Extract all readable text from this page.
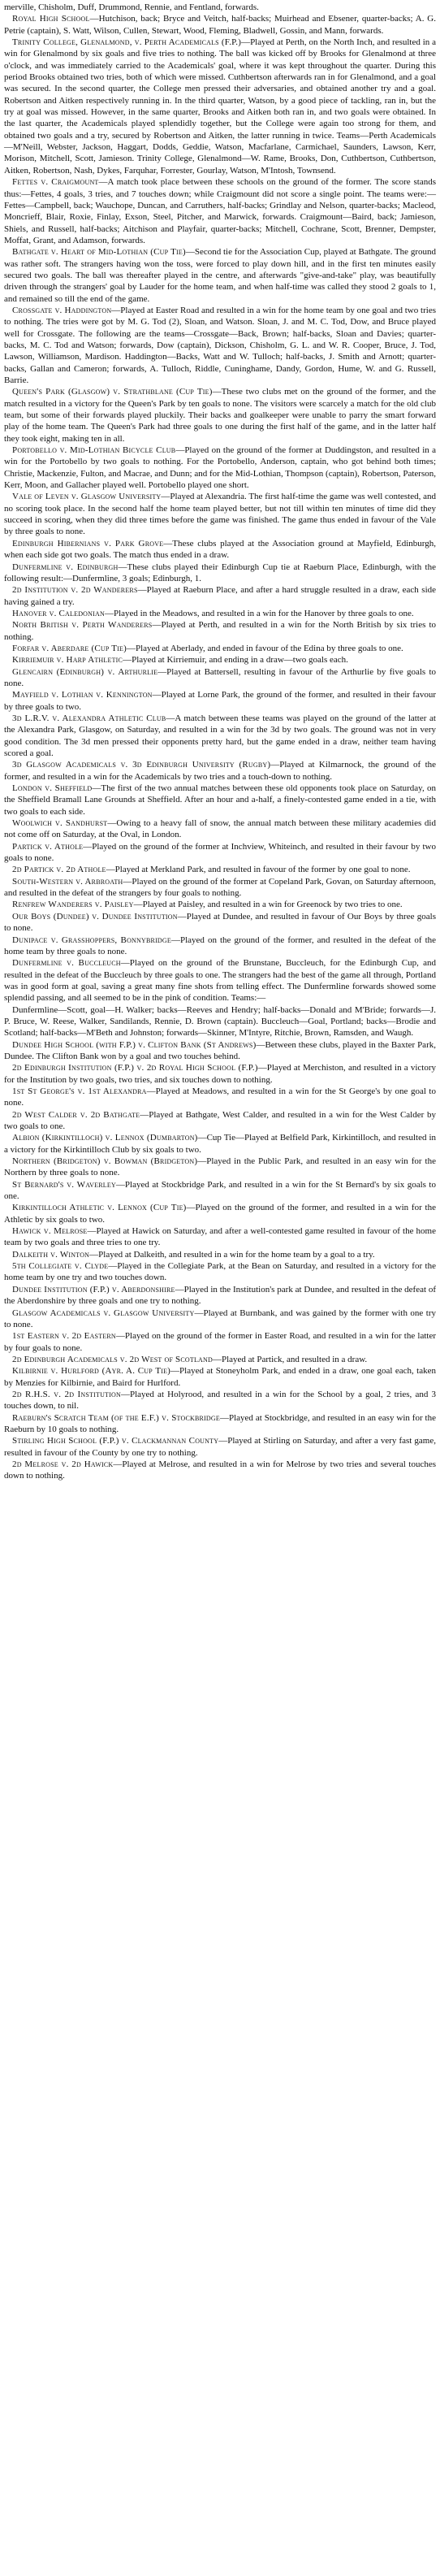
merville, Chisholm, Duff, Drummond, Rennie, and Fentland, forwards.

Royal High School—Hutchison, back; Bryce and Veitch, half-backs; Muirhead and Ebsener, quarter-backs; A. G. Petrie (captain), S. Watt, Wilson, Cullen, Stewart, Wood, Fleming, Bladwell, Gossin, and Mann, forwards.

Trinity College, Glenalmond, v. Perth Academicals (F.P.)—Played at Perth, on the North Inch, and resulted in a win for Glenalmond by six goals and five tries to nothing. The ball was kicked off by Brooks for Glenalmond at three o'clock, and was immediately carried to the Academicals' goal, where it was kept throughout the quarter. During this period Brooks obtained two tries, both of which were missed. Cuthbertson afterwards ran in for Glenalmond, and a goal was secured. In the second quarter, the College men pressed their adversaries, and obtained another try and a goal. Robertson and Aitken respectively running in. In the third quarter, Watson, by a good piece of tackling, ran in, but the try at goal was missed. However, in the same quarter, Brooks and Aitken both ran in, and two goals were obtained. In the last quarter, the Academicals played splendidly together, but the College were again too strong for them, and obtained two goals and a try, secured by Robertson and Aitken, the latter running in twice. Teams—Perth Academicals—M'Neill, Webster, Jackson, Haggart, Dodds, Geddie, Watson, Macfarlane, Carmichael, Saunders, Lawson, Kerr, Morison, Mitchell, Scott, Jamieson. Trinity College, Glenalmond—W. Rame, Brooks, Don, Cuthbertson, Cuthbertson, Aitken, Robertson, Nash, Dykes, Farquhar, Forrester, Gourlay, Watson, M'Intosh, Townsend.

Fettes v. Craigmount—A match took place between these schools on the ground of the former. The score stands thus:—Fettes, 4 goals, 3 tries, and 7 touches down; while Craigmount did not score a single point. The teams were:—Fettes—Campbell, back; Wauchope, Duncan, and Carruthers, half-backs; Grindlay and Nelson, quarter-backs; Macleod, Moncrieff, Blair, Roxie, Finlay, Exson, Steel, Pitcher, and Marwick, forwards. Craigmount—Baird, back; Jamieson, Shiels, and Russell, half-backs; Aitchison and Playfair, quarter-backs; Mitchell, Cochrane, Scott, Brenner, Dempster, Moffat, Grant, and Adamson, forwards.

Bathgate v. Heart of Mid-Lothian (Cup Tie)—Second tie for the Association Cup, played at Bathgate. The ground was rather soft. The strangers having won the toss, were forced to play down hill, and in the first ten minutes easily secured two goals. The ball was thereafter played in the centre, and afterwards "give-and-take" play, was beautifully driven through the strangers' goal by Lauder for the home team, and when half-time was called they stood 2 goals to 1, and remained so till the end of the game.

Crossgate v. Haddington—Played at Easter Road and resulted in a win for the home team by one goal and two tries to nothing. The tries were got by M. G. Tod (2), Sloan, and Watson. Sloan, J. and M. C. Tod, Dow, and Bruce played well for Crossgate. The following are the teams—Crossgate—Back, Brown; half-backs, Sloan and Davies; quarter-backs, M. C. Tod and Watson; forwards, Dow (captain), Dickson, Chisholm, G. L. and W. R. Cooper, Bruce, J. Tod, Lawson, Williamson, Mardison. Haddington—Backs, Watt and W. Tulloch; half-backs, J. Smith and Arnott; quarter-backs, Gallan and Cameron; forwards, A. Tulloch, Riddle, Cuninghame, Dandy, Gordon, Hume, W. and G. Russell, Barrie.

Queen's Park (Glasgow) v. Strathblane (Cup Tie)—These two clubs met on the ground of the former, and the match resulted in a victory for the Queen's Park by ten goals to none. The visitors were scarcely a match for the old club team, but some of their forwards played pluckily. Their backs and goalkeeper were unable to parry the smart forward play of the home team. The Queen's Park had three goals to one during the first half of the game, and in the latter half they took eight, making ten in all.

Portobello v. Mid-Lothian Bicycle Club—Played on the ground of the former at Duddingston, and resulted in a win for the Portobello by two goals to nothing. For the Portobello, Anderson, captain, who got behind both times; Christie, Mackenzie, Fulton, and Macrae, and Dunn; and for the Mid-Lothian, Thompson (captain), Robertson, Paterson, Kerr, Moon, and Gallacher played well. Portobello played one short.

Vale of Leven v. Glasgow University—Played at Alexandria. The first half-time the game was well contested, and no scoring took place. In the second half the home team played better, but not till within ten minutes of time did they succeed in scoring, when they did three times before the game was finished. The game thus ended in favour of the Vale by three goals to none.

Edinburgh Hibernians v. Park Grove—These clubs played at the Association ground at Mayfield, Edinburgh, when each side got two goals. The match thus ended in a draw.

Dunfermline v. Edinburgh—These clubs played their Edinburgh Cup tie at Raeburn Place, Edinburgh, with the following result:—Dunfermline, 3 goals; Edinburgh, 1.

2d Institution v. 2d Wanderers—Played at Raeburn Place, and after a hard struggle resulted in a draw, each side having gained a try.

Hanover v. Caledonian—Played in the Meadows, and resulted in a win for the Hanover by three goals to one.

North British v. Perth Wanderers—Played at Perth, and resulted in a win for the North British by six tries to nothing.

Forfar v. Aberdare (Cup Tie)—Played at Aberlady, and ended in favour of the Edina by three goals to one.

Kirriemuir v. Harp Athletic—Played at Kirriemuir, and ending in a draw—two goals each.

Glencairn (Edinburgh) v. Arthurlie—Played at Battersell, resulting in favour of the Arthurlie by five goals to none.

Mayfield v. Lothian v. Kennington—Played at Lorne Park, the ground of the former, and resulted in their favour by three goals to two.

3d L.R.V. v. Alexandra Athletic Club—A match between these teams was played on the ground of the latter at the Alexandra Park, Glasgow, on Saturday, and resulted in a win for the 3d by two goals. The ground was not in very good condition. The 3d men pressed their opponents pretty hard, but the game ended in a draw, neither team having scored a goal.

3d Glasgow Academicals v. 3d Edinburgh University (Rugby)—Played at Kilmarnock, the ground of the former, and resulted in a win for the Academicals by two tries and a touch-down to nothing.

London v. Sheffield—The first of the two annual matches between these old opponents took place on Saturday, on the Sheffield Bramall Lane Grounds at Sheffield. After an hour and a-half, a finely-contested game ended in a tie, with two goals to each side.

Woolwich v. Sandhurst—Owing to a heavy fall of snow, the annual match between these military academies did not come off on Saturday, at the Oval, in London.

Partick v. Athole—Played on the ground of the former at Inchview, Whiteinch, and resulted in their favour by two goals to none.

2d Partick v. 2d Athole—Played at Merkland Park, and resulted in favour of the former by one goal to none.

South-Western v. Arbroath—Played on the ground of the former at Copeland Park, Govan, on Saturday afternoon, and resulted in the defeat of the strangers by four goals to nothing.

Renfrew Wanderers v. Paisley—Played at Paisley, and resulted in a win for Greenock by two tries to one.

Our Boys (Dundee) v. Dundee Institution—Played at Dundee, and resulted in favour of Our Boys by three goals to none.

Dunipace v. Grasshoppers, Bonnybridge—Played on the ground of the former, and resulted in the defeat of the home team by three goals to none.

Dunfermline v. Buccleuch—Played on the ground of the Brunstane, Buccleuch, for the Edinburgh Cup, and resulted in the defeat of the Buccleuch by three goals to one. The strangers had the best of the game all through, Portland was in good form at goal, saving a great many fine shots from telling effect. The Dunfermline forwards showed some splendid passing, and all seemed to be in the pink of condition. Teams:—

Dunfermline—Scott, goal—H. Walker; backs—Reeves and Hendry; half-backs—Donald and M'Bride; forwards—J. P. Bruce, W. Reese, Walker, Sandilands, Rennie, D. Brown (captain). Buccleuch—Goal, Portland; backs—Brodie and Scotland; half-backs—M'Beth and Johnston; forwards—Skinner, M'Intyre, Ritchie, Brown, Ramsden, and Waugh.

Dundee High School (with F.P.) v. Clifton Bank (St Andrews)—Between these clubs, played in the Baxter Park, Dundee. The Clifton Bank won by a goal and two touches behind.

2d Edinburgh Institution (F.P.) v. 2d Royal High School (F.P.)—Played at Merchiston, and resulted in a victory for the Institution by two goals, two tries, and six touches down to nothing.

1st St George's v. 1st Alexandra—Played at Meadows, and resulted in a win for the St George's by one goal to none.

2d West Calder v. 2d Bathgate—Played at Bathgate, West Calder, and resulted in a win for the West Calder by two goals to one.

Albion (Kirkintilloch) v. Lennox (Dumbarton)—Cup Tie—Played at Belfield Park, Kirkintilloch, and resulted in a victory for the Kirkintilloch Club by six goals to two.

Northern (Bridgeton) v. Bowman (Bridgeton)—Played in the Public Park, and resulted in an easy win for the Northern by three goals to none.

St Bernard's v. Waverley—Played at Stockbridge Park, and resulted in a win for the St Bernard's by six goals to one.

Kirkintilloch Athletic v. Lennox (Cup Tie)—Played on the ground of the former, and resulted in a win for the Athletic by six goals to two.

Hawick v. Melrose—Played at Hawick on Saturday, and after a well-contested game resulted in favour of the home team by two goals and three tries to one try.

Dalkeith v. Winton—Played at Dalkeith, and resulted in a win for the home team by a goal to a try.

5th Collegiate v. Clyde—Played in the Collegiate Park, at the Bean on Saturday, and resulted in a victory for the home team by one try and two touches down.

Dundee Institution (F.P.) v. Aberdonshire—Played in the Institution's park at Dundee, and resulted in the defeat of the Aberdonshire by three goals and one try to nothing.

Glasgow Academicals v. Glasgow University—Played at Burnbank, and was gained by the former with one try to none.

1st Eastern v. 2d Eastern—Played on the ground of the former in Easter Road, and resulted in a win for the latter by four goals to none.

2d Edinburgh Academicals v. 2d West of Scotland—Played at Partick, and resulted in a draw.

Kilbirnie v. Hurlford (Ayr. A. Cup Tie)—Played at Stoneyholm Park, and ended in a draw, one goal each, taken by Menzies for Kilbirnie, and Baird for Hurlford.

2d R.H.S. v. 2d Institution—Played at Holyrood, and resulted in a win for the School by a goal, 2 tries, and 3 touches down, to nil.

Raeburn's Scratch Team (of the E.F.) v. Stockbridge—Played at Stockbridge, and resulted in an easy win for the Raeburn by 10 goals to nothing.

Stirling High School (F.P.) v. Clackmannan County—Played at Stirling on Saturday, and after a very fast game, resulted in favour of the County by one try to nothing.

2d Melrose v. 2d Hawick—Played at Melrose, and resulted in a win for Melrose by two tries and several touches down to nothing.
